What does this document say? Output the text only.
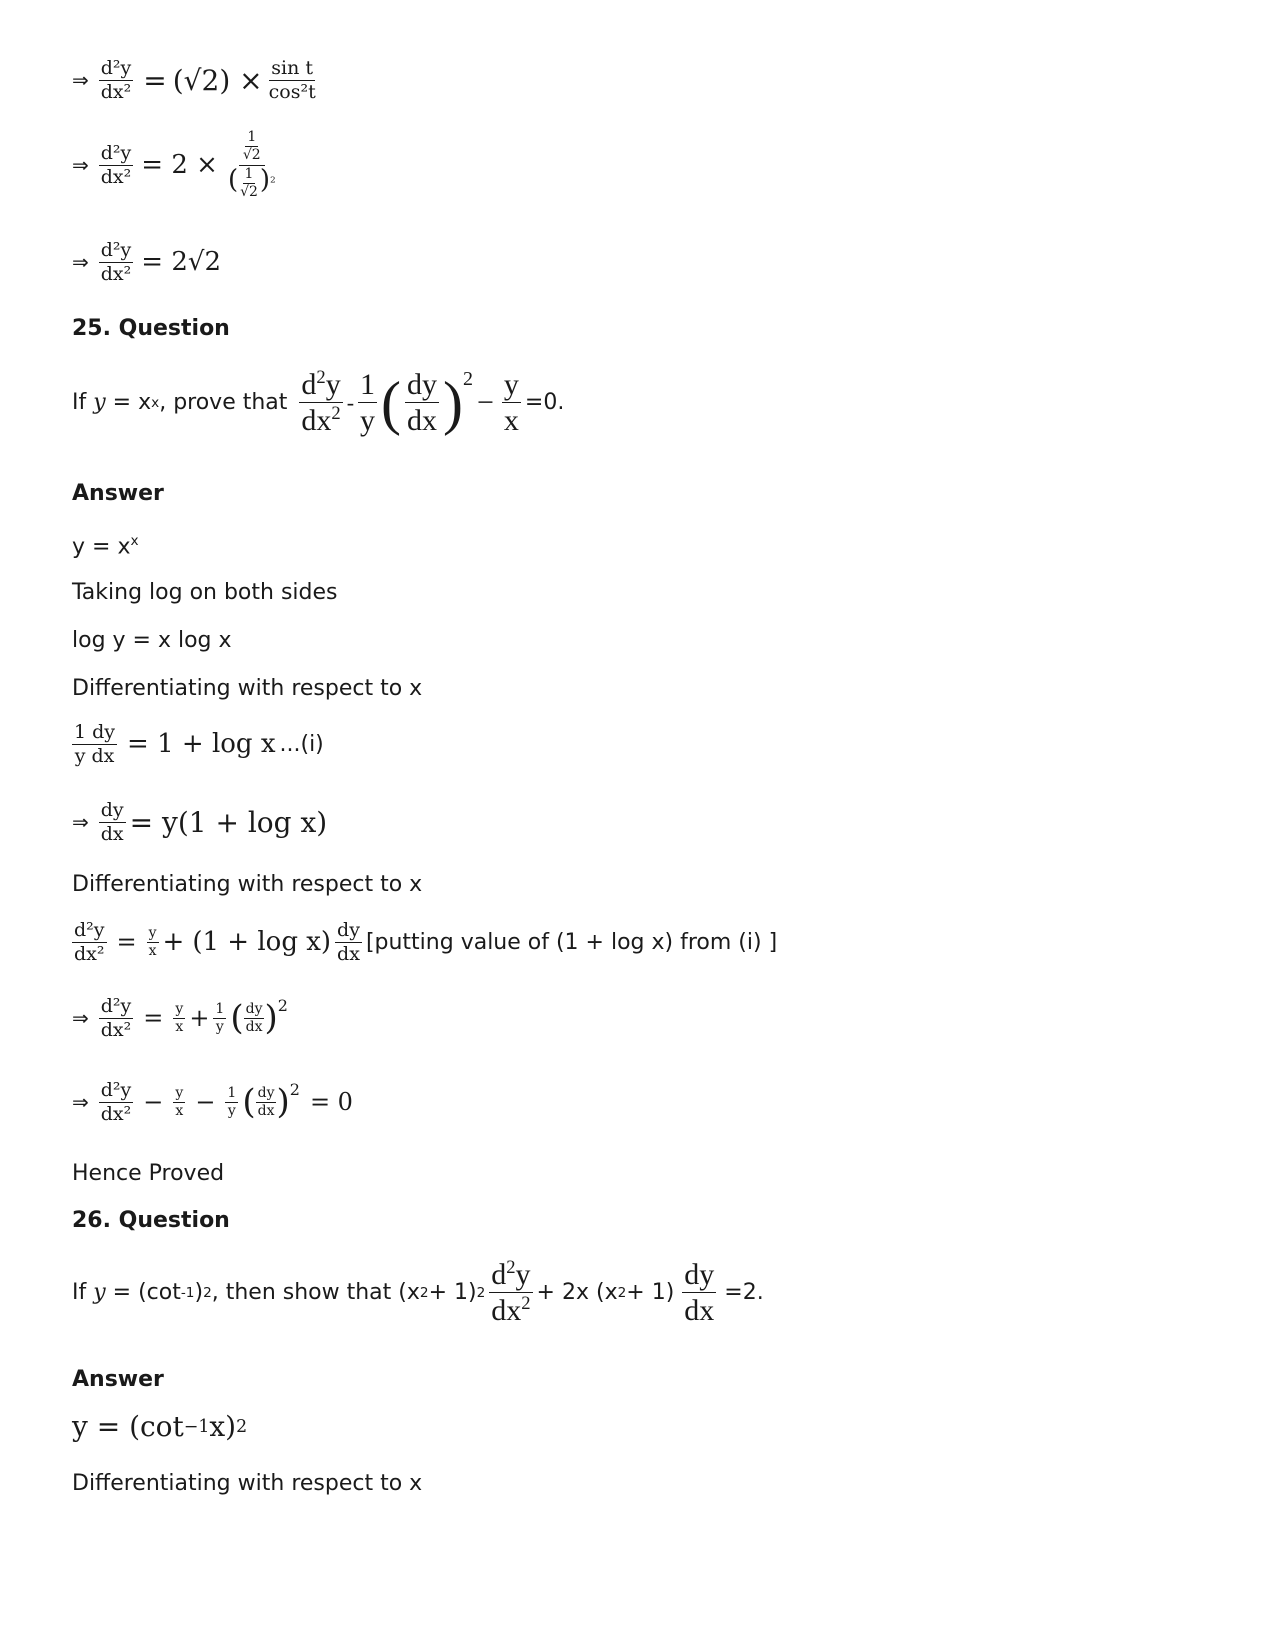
⇒ $\frac{\text{d²y}}{\text{dx²}} = (√2) \times \frac{\text{sin t}}{\text{cos²t}}$
⇒ $\frac{\text{d²y}}{\text{dx²}} = 2 \times \frac{\frac{1}{√2}}{( \frac{1}{√2} )^2}$
⇒ $\frac{\text{d²y}}{\text{dx²}} = 2√2$
25. Question
If
y
= x x , prove that $\frac{d^2y}{dx^2} - \frac{1}{y}$ ( $\frac{dy}{dx}$ ) 2
− $\frac{y}{x} =0$.
Answer
$y = x^x$
Taking log on both sides
log y = x log x
Differentiating with respect to x
$\frac{1 dy}{\text{y dx}} = 1 + \log x$ ...(i)
⇒ $\frac{dy}{dx} = y(1 + \log x)$
Differentiating with respect to x
$\frac{\text{d²y}}{\text{dx²}} = \frac{y}{x} + (1 + \log x) \frac{dy}{dx}$ [putting value of (1 + log x) from (i) ]
⇒ $\frac{\text{d²y}}{\text{dx²}} = \frac{y}{x} + \frac{1}{y}$ ( $\frac{dy}{dx}$ ) 2
⇒ $\frac{\text{d²y}}{\text{dx²}} - \frac{y}{x} - \frac{1}{y}$ ( $\frac{dy}{dx}$ ) 2 = 0
Hence Proved
26. Question
If
y
= (cot -1 ) 2 , then show that (x 2 + 1) $2 \frac{d^2y}{dx^2} + 2x$ (x $2 + 1) \frac{dy}{dx} =2$.
Answer
y = (cot −1 x) 2
Differentiating with respect to x
